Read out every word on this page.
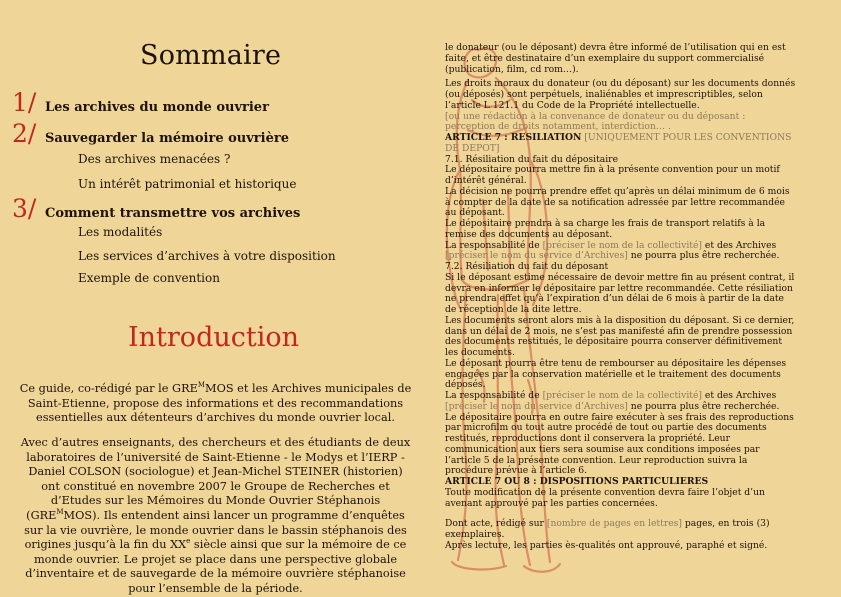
Sommaire
1/ Les archives du monde ouvrier
2/ Sauvegarder la mémoire ouvrière
Des archives menacées ?
Un intérêt patrimonial et historique
3/ Comment transmettre vos archives
Les modalités
Les services d’archives à votre disposition
Exemple de convention
Introduction
Ce guide, co-rédigé par le $GRE^MMOS$ et les Archives municipales de Saint-Etienne, propose des informations et des recommandations essentielles aux détenteurs d’archives du monde ouvrier local.
Avec d’autres enseignants, des chercheurs et des étudiants de deux laboratoires de l’université de Saint-Etienne - le Modys et l’IERP - Daniel COLSON (sociologue) et Jean-Michel STEINER (historien) ont constitué en novembre 2007 le Groupe de Recherches et d’Etudes sur les Mémoires du Monde Ouvrier Stéphanois $(GRE^MMOS)$. Ils entendent ainsi lancer un programme d’enquêtes sur la vie ouvrière, le monde ouvrier dans le bassin stéphanois des origines jusqu’à la fin du XXe siècle ainsi que sur la mémoire de ce monde ouvrier. Le projet se place dans une perspective globale d’inventaire et de sauvegarde de la mémoire ouvrière stéphanoise pour l’ensemble de la période.

le donateur (ou le déposant) devra être informé de l’utilisation qui en est faite, et être destinataire d’un exemplaire du support commercialisé (publication, film, cd rom…).

Les droits moraux du donateur (ou du déposant) sur les documents donnés (ou déposés) sont perpétuels, inaliénables et imprescriptibles, selon l’article L 121.1 du Code de la Propriété intellectuelle.

[ou une rédaction à la convenance de donateur ou du déposant : perception de droits notamment, interdiction… .

ARTICLE 7 : RESILIATION [UNIQUEMENT POUR LES CONVENTIONS DE DEPOT]

7.1. Résiliation du fait du dépositaire

Le dépositaire pourra mettre fin à la présente convention pour un motif d’intérêt général.

La décision ne pourra prendre effet qu’après un délai minimum de 6 mois à compter de la date de sa notification adressée par lettre recommandée au déposant.

Le dépositaire prendra à sa charge les frais de transport relatifs à la remise des documents au déposant.

La responsabilité de [préciser le nom de la collectivité] et des Archives [préciser le nom du service d’Archives] ne pourra plus être recherchée.

7.2. Résiliation du fait du déposant

Si le déposant estime nécessaire de devoir mettre fin au présent contrat, il devra en informer le dépositaire par lettre recommandée. Cette résiliation ne prendra effet qu’à l’expiration d’un délai de 6 mois à partir de la date de réception de la dite lettre.

Les documents seront alors mis à la disposition du déposant. Si ce dernier, dans un délai de 2 mois, ne s’est pas manifesté afin de prendre possession des documents restitués, le dépositaire pourra conserver définitivement les documents.

Le déposant pourra être tenu de rembourser au dépositaire les dépenses engagées par la conservation matérielle et le traitement des documents déposés.

La responsabilité de [préciser le nom de la collectivité] et des Archives [préciser le nom du service d’Archives] ne pourra plus être recherchée.

Le dépositaire pourra en outre faire exécuter à ses frais des reproductions par microfilm ou tout autre procédé de tout ou partie des documents restitués, reproductions dont il conservera la propriété. Leur communication aux tiers sera soumise aux conditions imposées par l’article 5 de la présente convention. Leur reproduction suivra la procédure prévue à l’article 6.

ARTICLE 7 OU 8 : DISPOSITIONS PARTICULIERES

Toute modification de la présente convention devra faire l’objet d’un avenant approuvé par les parties concernées.

Dont acte, rédigé sur [nombre de pages en lettres] pages, en trois (3) exemplaires.

Après lecture, les parties ès-qualités ont approuvé, paraphé et signé.
